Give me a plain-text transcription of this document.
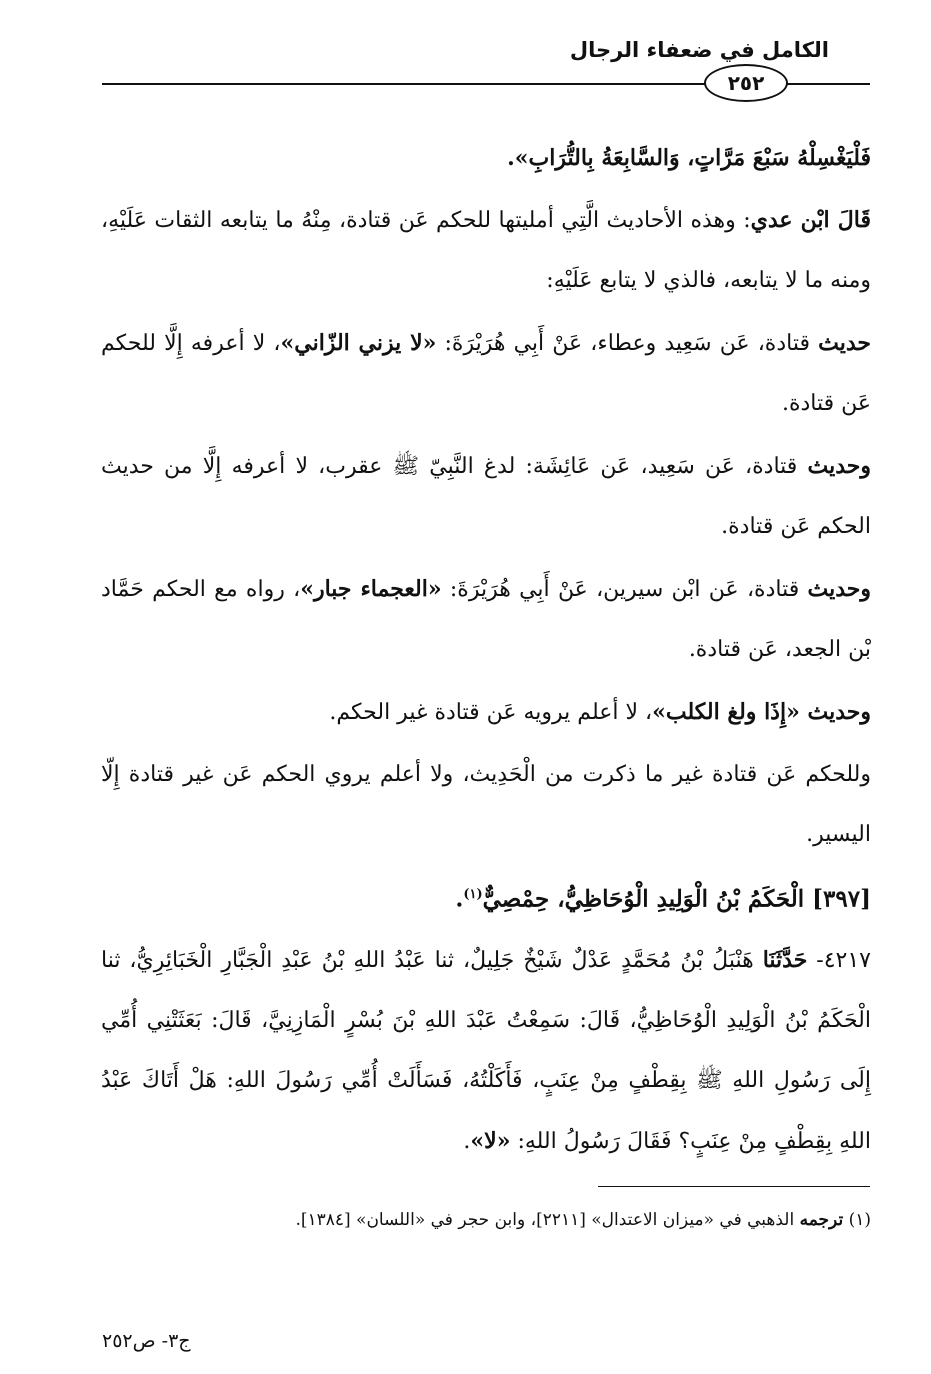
الكامل في ضعفاء الرجال
٢٥٢

فَلْيَغْسِلْهُ سَبْعَ مَرَّاتٍ، وَالسَّابِعَةُ بِالتُّرَابِ».

قَالَ ابْن عدي: وهذه الأحاديث الَّتِي أمليتها للحكم عَن قتادة، مِنْهُ ما يتابعه الثقات عَلَيْهِ، ومنه ما لا يتابعه، فالذي لا يتابع عَلَيْهِ:

حديث قتادة، عَن سَعِيد وعطاء، عَنْ أَبِي هُرَيْرَةَ: «لا يزني الزّاني»، لا أعرفه إِلَّا للحكم عَن قتادة.

وحديث قتادة، عَن سَعِيد، عَن عَائِشَة: لدغ النَّبِيّ ﷺ عقرب، لا أعرفه إِلَّا من حديث الحكم عَن قتادة.

وحديث قتادة، عَن ابْن سيرين، عَنْ أَبِي هُرَيْرَةَ: «العجماء جبار»، رواه مع الحكم حَمَّاد بْن الجعد، عَن قتادة.

وحديث «إِذَا ولغ الكلب»، لا أعلم يرويه عَن قتادة غير الحكم.

وللحكم عَن قتادة غير ما ذكرت من الْحَدِيث، ولا أعلم يروي الحكم عَن غير قتادة إِلّا اليسير.

[٣٩٧] الْحَكَمُ بْنُ الْوَلِيدِ الْوُحَاظِيُّ، حِمْصِيٌّ$^{(١)}$.

٤٢١٧- حَدَّثَنَا هَنْبَلُ بْنُ مُحَمَّدٍ عَدْلٌ شَيْخٌ جَلِيلٌ، ثنا عَبْدُ اللهِ بْنُ عَبْدِ الْجَبَّارِ الْخَبَائِرِيُّ، ثنا الْحَكَمُ بْنُ الْوَلِيدِ الْوُحَاظِيُّ، قَالَ: سَمِعْتُ عَبْدَ اللهِ بْنَ بُسْرٍ الْمَازِنِيَّ، قَالَ: بَعَثَتْنِي أُمِّي إِلَى رَسُولِ اللهِ ﷺ بِقِطْفٍ مِنْ عِنَبٍ، فَأَكَلْتُهُ، فَسَأَلَتْ أُمِّي رَسُولَ اللهِ: هَلْ أَتَاكَ عَبْدُ اللهِ بِقِطْفٍ مِنْ عِنَبٍ؟ فَقَالَ رَسُولُ اللهِ: «لا».

(١) ترجمه الذهبي في «ميزان الاعتدال» [٢٢١١]، وابن حجر في «اللسان» [١٣٨٤].

ج٣- ص٢٥٢
